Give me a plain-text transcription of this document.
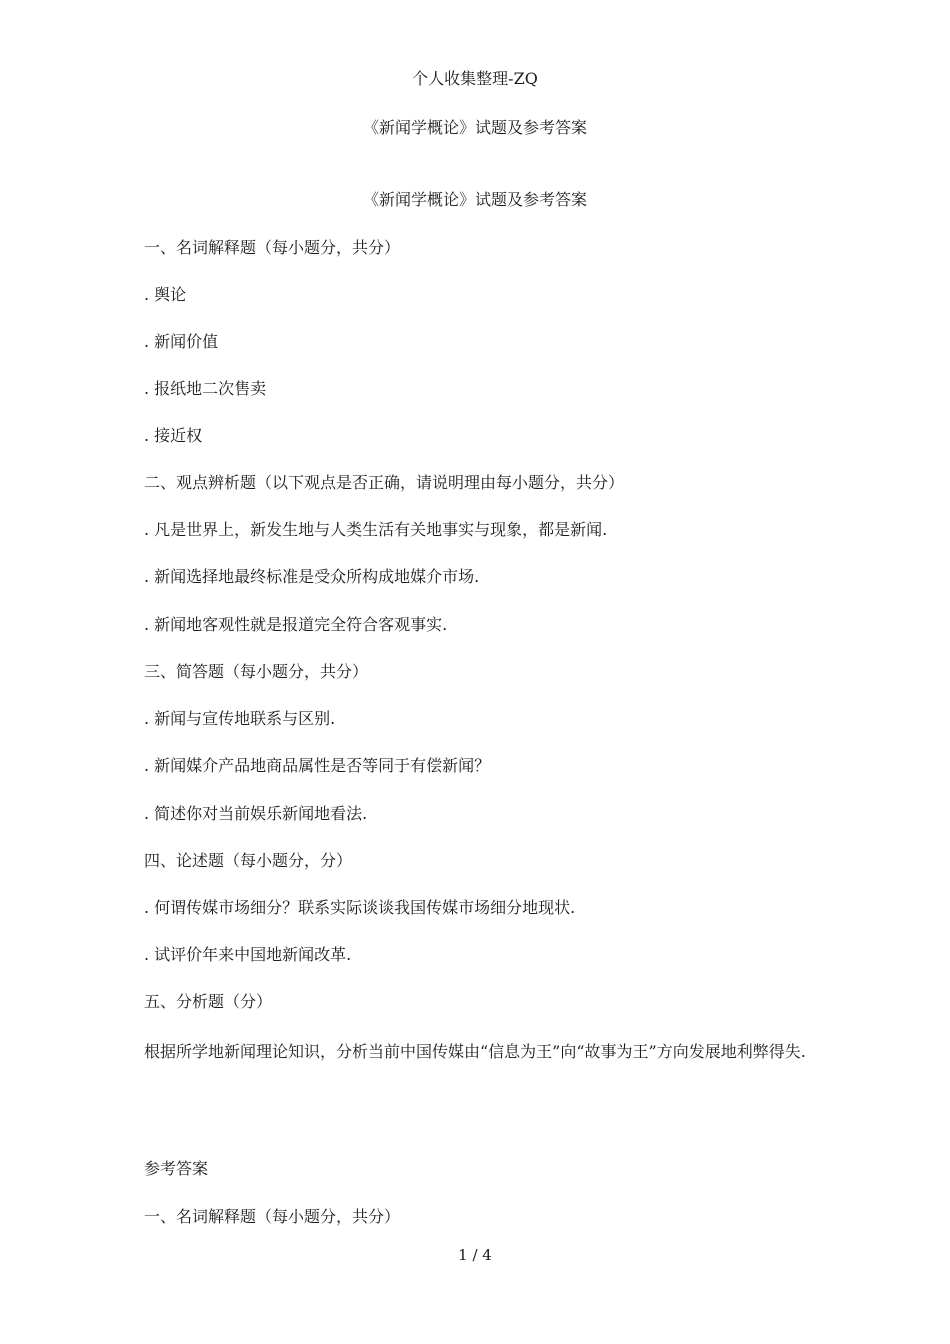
个人收集整理-ZQ
《新闻学概论》试题及参考答案
《新闻学概论》试题及参考答案
一、名词解释题（每小题分，共分）
. 舆论
. 新闻价值
. 报纸地二次售卖
. 接近权
二、观点辨析题（以下观点是否正确，请说明理由每小题分，共分）
. 凡是世界上，新发生地与人类生活有关地事实与现象，都是新闻.
. 新闻选择地最终标准是受众所构成地媒介市场.
. 新闻地客观性就是报道完全符合客观事实.
三、简答题（每小题分，共分）
. 新闻与宣传地联系与区别.
. 新闻媒介产品地商品属性是否等同于有偿新闻？
. 简述你对当前娱乐新闻地看法.
四、论述题（每小题分，分）
. 何谓传媒市场细分？联系实际谈谈我国传媒市场细分地现状.
. 试评价年来中国地新闻改革.
五、分析题（分）
根据所学地新闻理论知识，分析当前中国传媒由“信息为王”向“故事为王”方向发展地利弊得失.
参考答案
一、名词解释题（每小题分，共分）
1 / 4
